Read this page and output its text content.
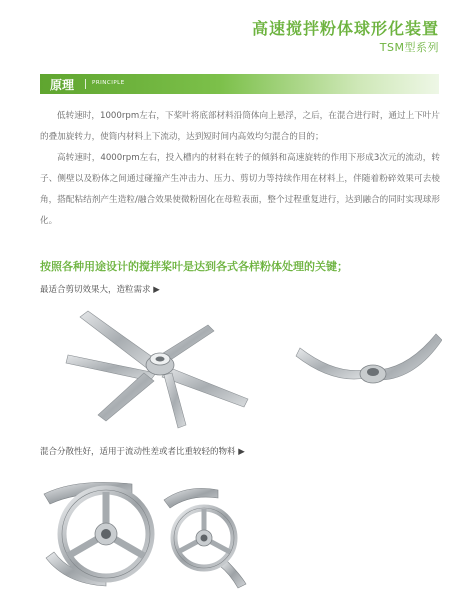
高速搅拌粉体球形化装置
TSM型系列
原理	PRINCIPLE

低转速时，1000rpm左右，下桨叶将底部材料沿筒体向上悬浮，之后，在混合进行时，通过上下叶片的叠加旋转力，使筒内材料上下流动，达到短时间内高效均匀混合的目的；

高转速时，4000rpm左右，投入槽内的材料在转子的倾斜和高速旋转的作用下形成3次元的流动，转子、侧壁以及粉体之间通过碰撞产生冲击力、压力、剪切力等持续作用在材料上，伴随着粉碎效果可去棱角，搭配粘结剂产生造粒/融合效果使微粉固化在母粒表面，整个过程重复进行，达到融合的同时实现球形化。

按照各种用途设计的搅拌桨叶是达到各式各样粉体处理的关键；
最适合剪切效果大，造粒需求 ▶
混合分散性好，适用于流动性差或者比重较轻的物料 ▶
